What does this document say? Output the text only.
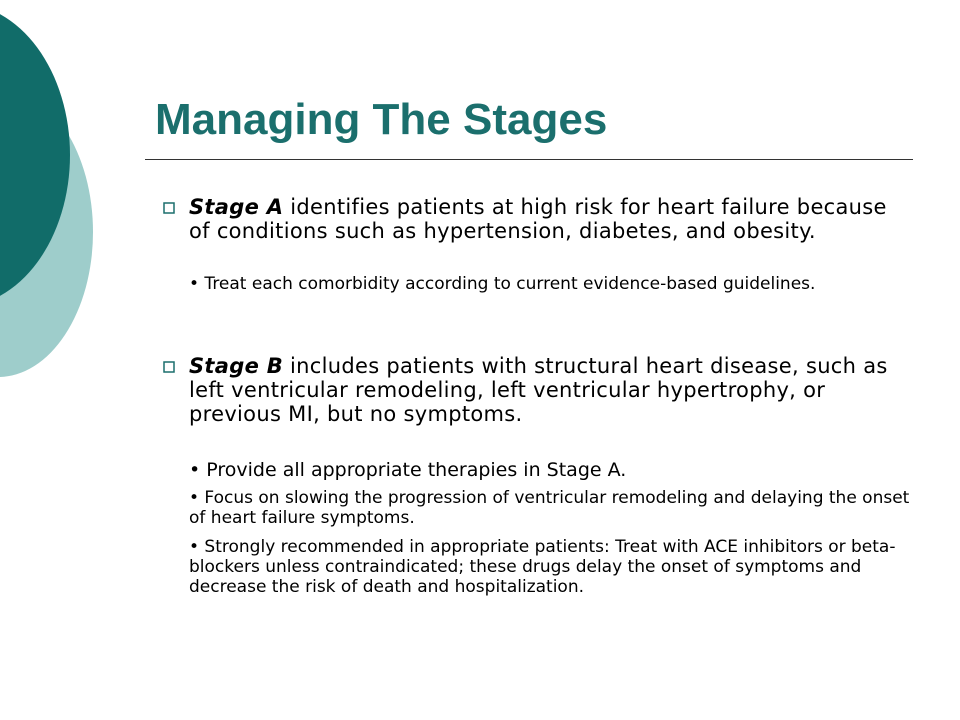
Managing The Stages
Stage A identifies patients at high risk for heart failure because of conditions such as hypertension, diabetes, and obesity.
• Treat each comorbidity according to current evidence-based guidelines.
Stage B includes patients with structural heart disease, such as left ventricular remodeling, left ventricular hypertrophy, or previous MI, but no symptoms.
• Provide all appropriate therapies in Stage A.
• Focus on slowing the progression of ventricular remodeling and delaying the onset of heart failure symptoms.
• Strongly recommended in appropriate patients: Treat with ACE inhibitors or beta-blockers unless contraindicated; these drugs delay the onset of symptoms and decrease the risk of death and hospitalization.
